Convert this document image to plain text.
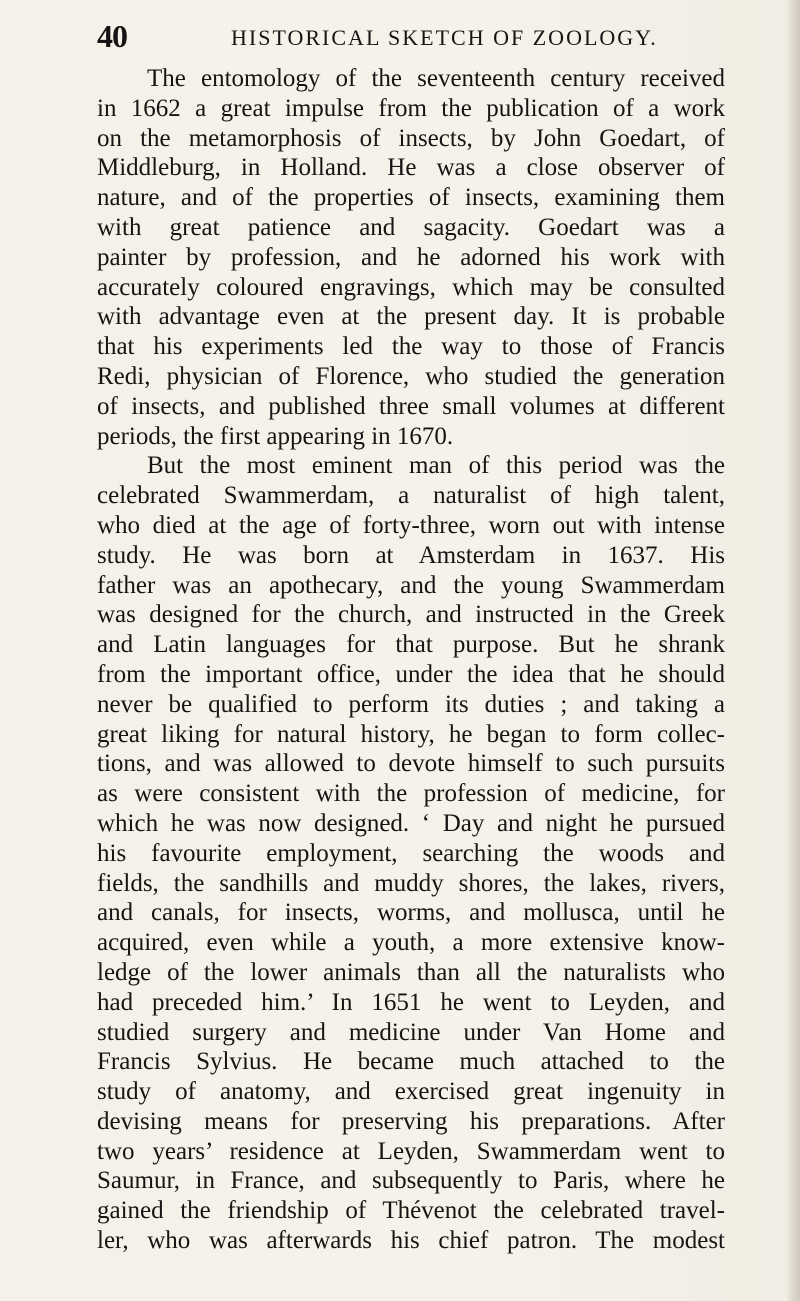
40	HISTORICAL SKETCH OF ZOOLOGY.
The entomology of the seventeenth century received
in 1662 a great impulse from the publication of a work
on the metamorphosis of insects, by John Goedart, of
Middleburg, in Holland. He was a close observer of
nature, and of the properties of insects, examining them
with great patience and sagacity. Goedart was a
painter by profession, and he adorned his work with
accurately coloured engravings, which may be consulted
with advantage even at the present day. It is probable
that his experiments led the way to those of Francis
Redi, physician of Florence, who studied the generation
of insects, and published three small volumes at different
periods, the first appearing in 1670.
But the most eminent man of this period was the
celebrated Swammerdam, a naturalist of high talent,
who died at the age of forty-three, worn out with intense
study. He was born at Amsterdam in 1637. His
father was an apothecary, and the young Swammerdam
was designed for the church, and instructed in the Greek
and Latin languages for that purpose. But he shrank
from the important office, under the idea that he should
never be qualified to perform its duties ; and taking a
great liking for natural history, he began to form collec-
tions, and was allowed to devote himself to such pursuits
as were consistent with the profession of medicine, for
which he was now designed. ‘ Day and night he pursued
his favourite employment, searching the woods and
fields, the sandhills and muddy shores, the lakes, rivers,
and canals, for insects, worms, and mollusca, until he
acquired, even while a youth, a more extensive know-
ledge of the lower animals than all the naturalists who
had preceded him.’ In 1651 he went to Leyden, and
studied surgery and medicine under Van Home and
Francis Sylvius. He became much attached to the
study of anatomy, and exercised great ingenuity in
devising means for preserving his preparations. After
two years’ residence at Leyden, Swammerdam went to
Saumur, in France, and subsequently to Paris, where he
gained the friendship of Thévenot the celebrated travel-
ler, who was afterwards his chief patron. The modest
